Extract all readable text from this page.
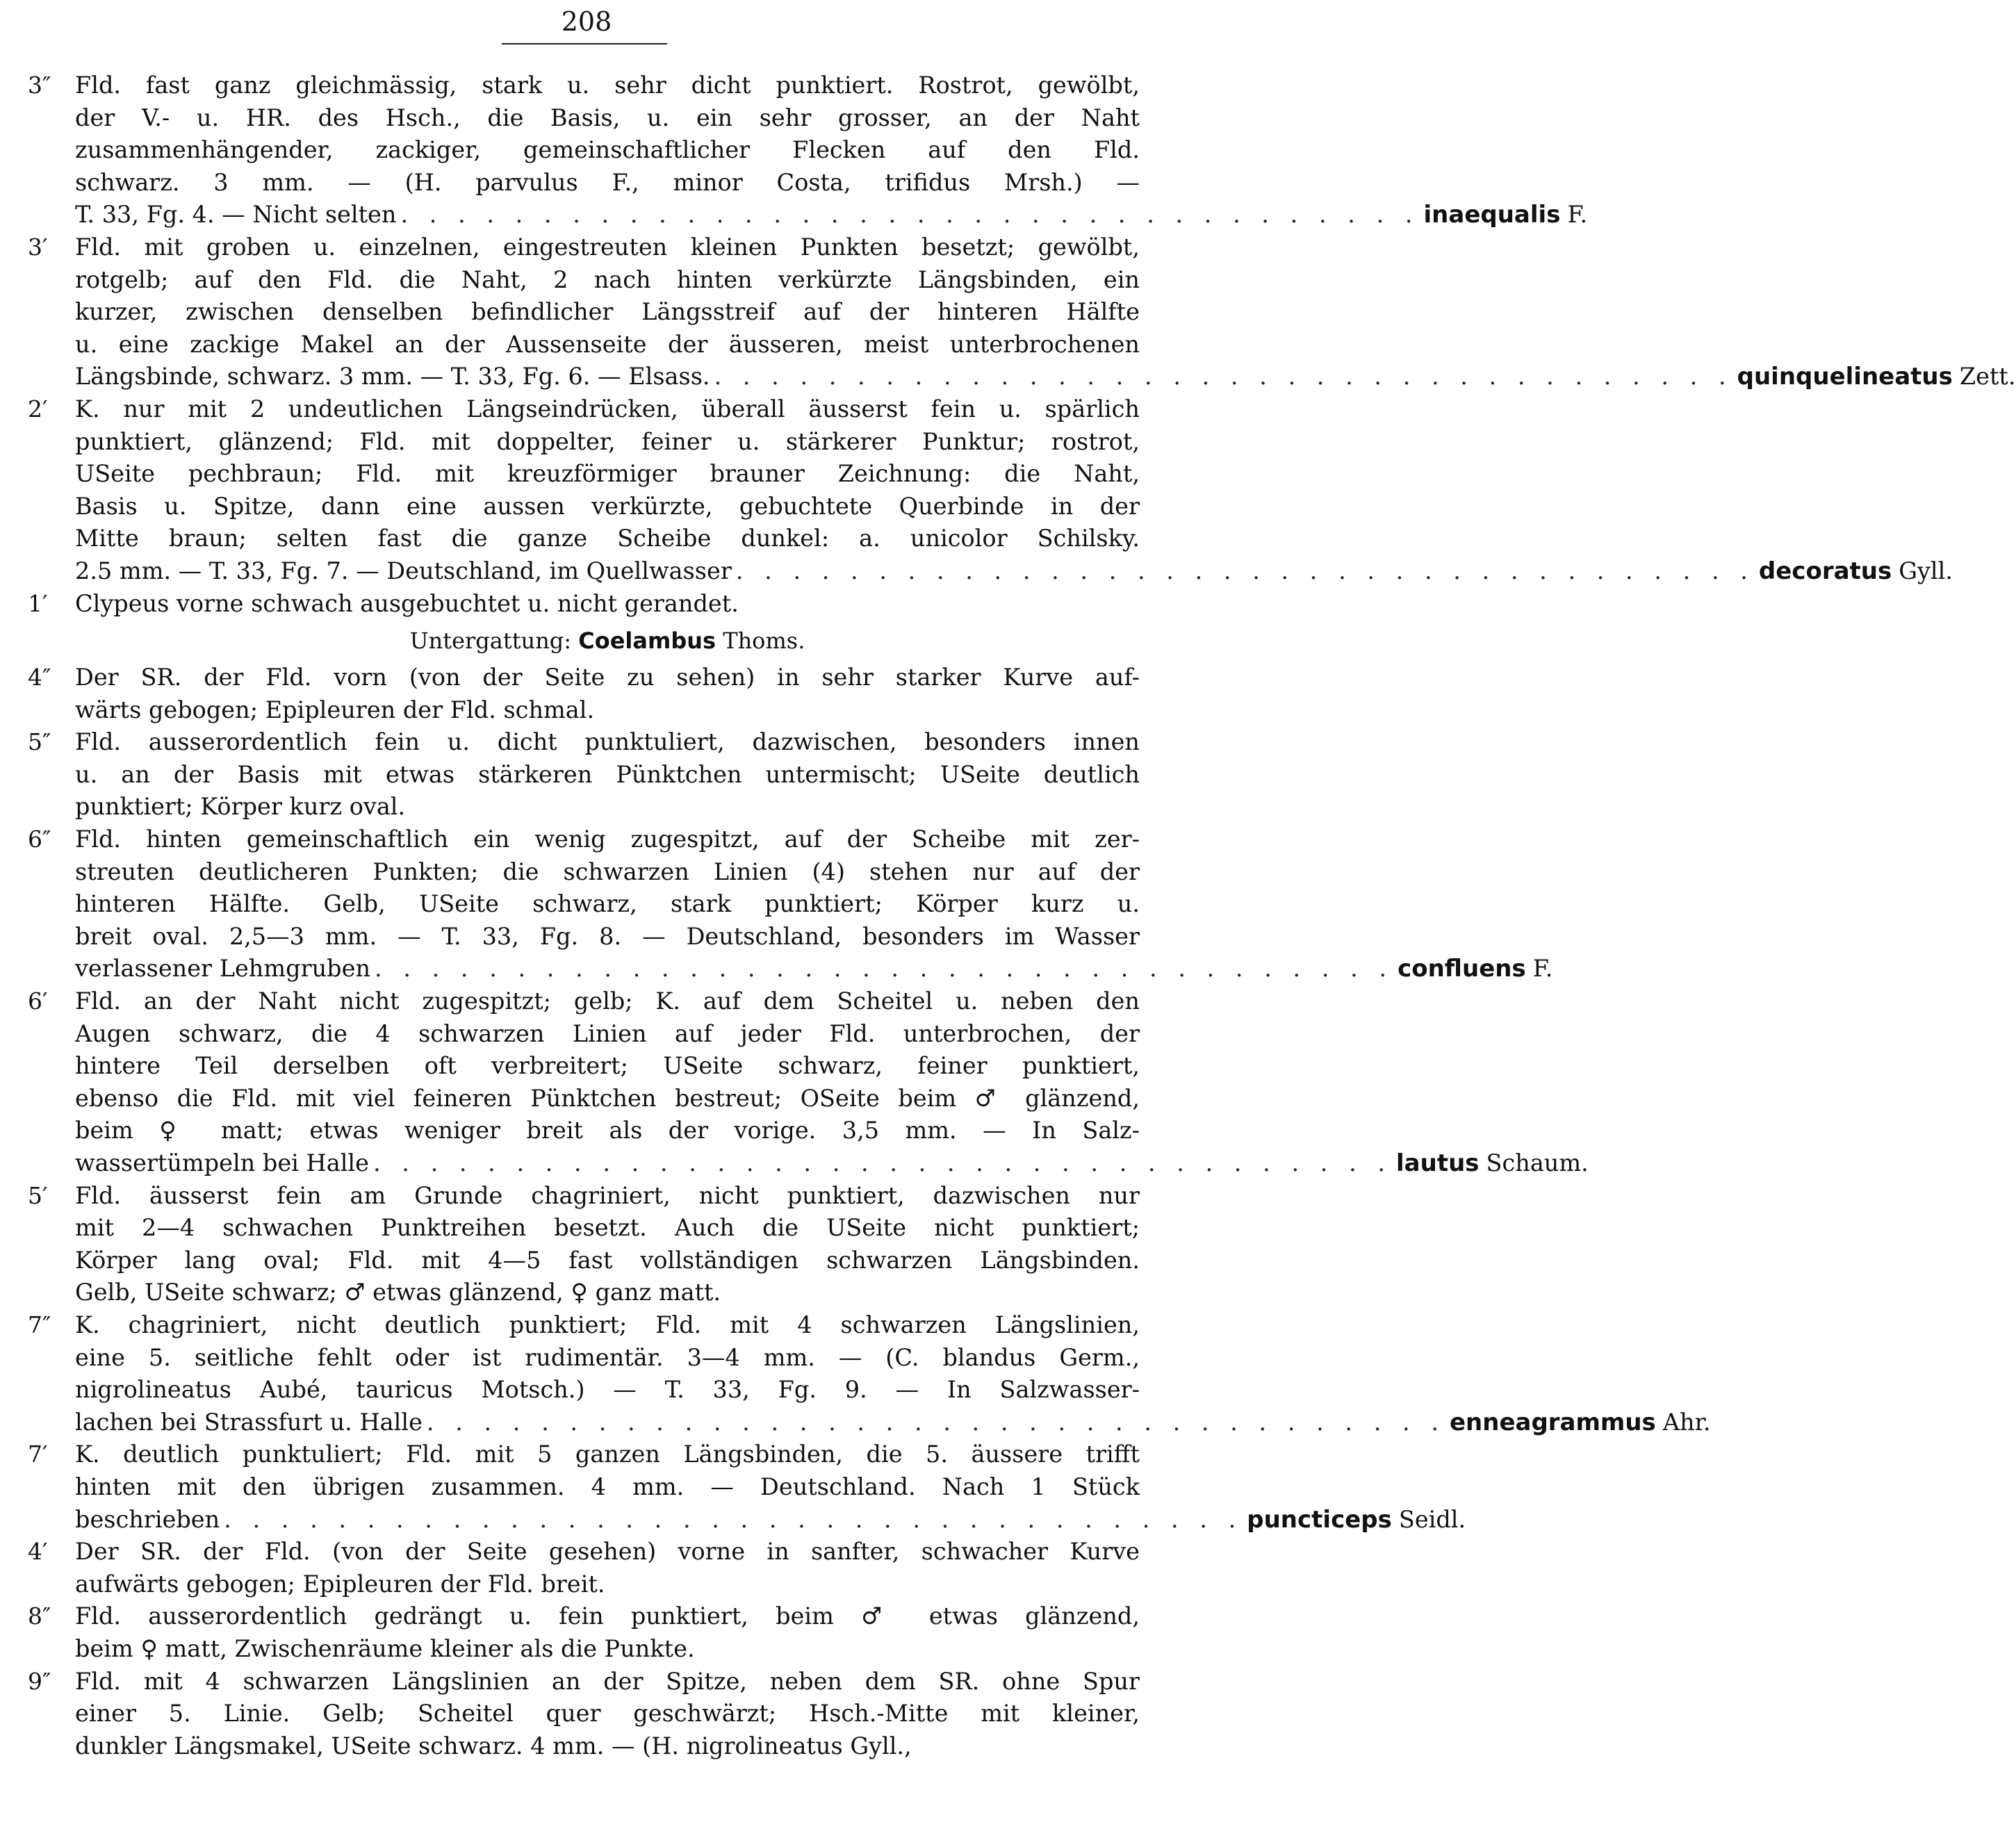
208
3″	Fld. fast ganz gleichmässig, stark u. sehr dicht punktiert. Rostrot, gewölbt,
der V.- u. HR. des Hsch., die Basis, u. ein sehr grosser, an der Naht
zusammenhängender, zackiger, gemeinschaftlicher Flecken auf den Fld.
schwarz. 3 mm. — (H. parvulus F., minor Costa, trifidus Mrsh.) —
T. 33, Fg. 4. — Nicht selten . . . . . . . . . . . . . . . . . . . . . . . . . . . . . . . . . . . . inaequalis F.
3′	Fld. mit groben u. einzelnen, eingestreuten kleinen Punkten besetzt; gewölbt,
rotgelb; auf den Fld. die Naht, 2 nach hinten verkürzte Längsbinden, ein
kurzer, zwischen denselben befindlicher Längsstreif auf der hinteren Hälfte
u. eine zackige Makel an der Aussenseite der äusseren, meist unterbrochenen
Längsbinde, schwarz. 3 mm. — T. 33, Fg. 6. — Elsass. . . . . . . . . . . . . . . . . . . . . . . . . . . . . . . . . . . . . quinquelineatus Zett.
2′	K. nur mit 2 undeutlichen Längseindrücken, überall äusserst fein u. spärlich
punktiert, glänzend; Fld. mit doppelter, feiner u. stärkerer Punktur; rostrot,
USeite pechbraun; Fld. mit kreuzförmiger brauner Zeichnung: die Naht,
Basis u. Spitze, dann eine aussen verkürzte, gebuchtete Querbinde in der
Mitte braun; selten fast die ganze Scheibe dunkel: a. unicolor Schilsky.
2.5 mm. — T. 33, Fg. 7. — Deutschland, im Quellwasser . . . . . . . . . . . . . . . . . . . . . . . . . . . . . . . . . . . . decoratus Gyll.
1′	Clypeus vorne schwach ausgebuchtet u. nicht gerandet.
Untergattung: Coelambus Thoms.
4″	Der SR. der Fld. vorn (von der Seite zu sehen) in sehr starker Kurve auf-
wärts gebogen; Epipleuren der Fld. schmal.
5″	Fld. ausserordentlich fein u. dicht punktuliert, dazwischen, besonders innen
u. an der Basis mit etwas stärkeren Pünktchen untermischt; USeite deutlich
punktiert; Körper kurz oval.
6″	Fld. hinten gemeinschaftlich ein wenig zugespitzt, auf der Scheibe mit zer-
streuten deutlicheren Punkten; die schwarzen Linien (4) stehen nur auf der
hinteren Hälfte. Gelb, USeite schwarz, stark punktiert; Körper kurz u.
breit oval. 2,5—3 mm. — T. 33, Fg. 8. — Deutschland, besonders im Wasser
verlassener Lehmgruben . . . . . . . . . . . . . . . . . . . . . . . . . . . . . . . . . . . . confluens F.
6′	Fld. an der Naht nicht zugespitzt; gelb; K. auf dem Scheitel u. neben den
Augen schwarz, die 4 schwarzen Linien auf jeder Fld. unterbrochen, der
hintere Teil derselben oft verbreitert; USeite schwarz, feiner punktiert,
ebenso die Fld. mit viel feineren Pünktchen bestreut; OSeite beim ♂ glänzend,
beim ♀ matt; etwas weniger breit als der vorige. 3,5 mm. — In Salz-
wassertümpeln bei Halle . . . . . . . . . . . . . . . . . . . . . . . . . . . . . . . . . . . . lautus Schaum.
5′	Fld. äusserst fein am Grunde chagriniert, nicht punktiert, dazwischen nur
mit 2—4 schwachen Punktreihen besetzt. Auch die USeite nicht punktiert;
Körper lang oval; Fld. mit 4—5 fast vollständigen schwarzen Längsbinden.
Gelb, USeite schwarz; ♂ etwas glänzend, ♀ ganz matt.
7″	K. chagriniert, nicht deutlich punktiert; Fld. mit 4 schwarzen Längslinien,
eine 5. seitliche fehlt oder ist rudimentär. 3—4 mm. — (C. blandus Germ.,
nigrolineatus Aubé, tauricus Motsch.) — T. 33, Fg. 9. — In Salzwasser-
lachen bei Strassfurt u. Halle . . . . . . . . . . . . . . . . . . . . . . . . . . . . . . . . . . . . enneagrammus Ahr.
7′	K. deutlich punktuliert; Fld. mit 5 ganzen Längsbinden, die 5. äussere trifft
hinten mit den übrigen zusammen. 4 mm. — Deutschland. Nach 1 Stück
beschrieben . . . . . . . . . . . . . . . . . . . . . . . . . . . . . . . . . . . . puncticeps Seidl.
4′	Der SR. der Fld. (von der Seite gesehen) vorne in sanfter, schwacher Kurve
aufwärts gebogen; Epipleuren der Fld. breit.
8″	Fld. ausserordentlich gedrängt u. fein punktiert, beim ♂ etwas glänzend,
beim ♀ matt, Zwischenräume kleiner als die Punkte.
9″	Fld. mit 4 schwarzen Längslinien an der Spitze, neben dem SR. ohne Spur
einer 5. Linie. Gelb; Scheitel quer geschwärzt; Hsch.-Mitte mit kleiner,
dunkler Längsmakel, USeite schwarz. 4 mm. — (H. nigrolineatus Gyll.,
